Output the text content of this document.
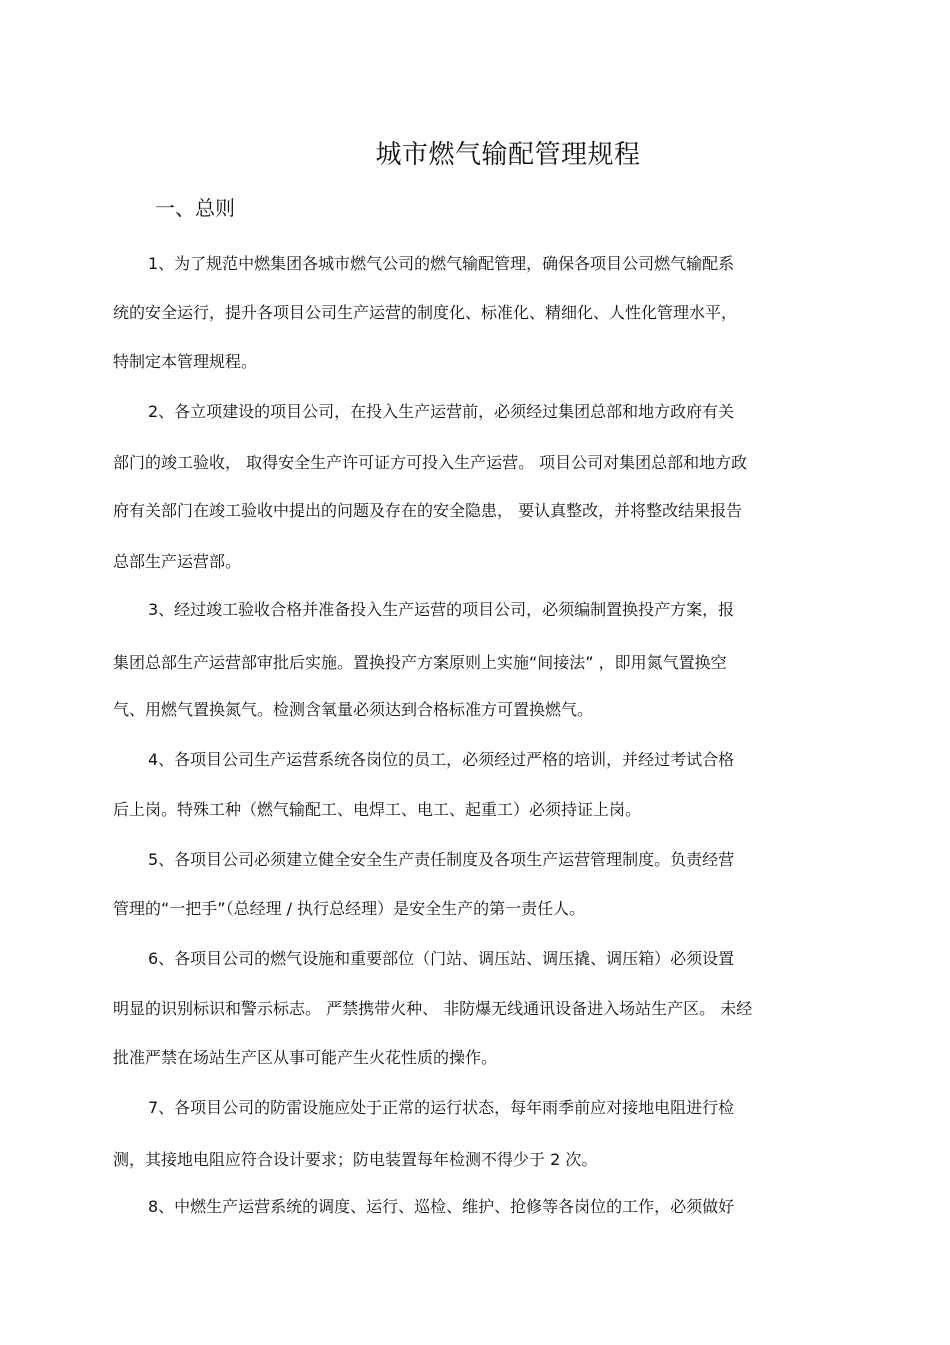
城市燃气输配管理规程
一、总则
1、为了规范中燃集团各城市燃气公司的燃气输配管理，确保各项目公司燃气输配系
统的安全运行，提升各项目公司生产运营的制度化、标准化、精细化、人性化管理水平，
特制定本管理规程。
2、各立项建设的项目公司，在投入生产运营前，必须经过集团总部和地方政府有关
部门的竣工验收， 取得安全生产许可证方可投入生产运营。 项目公司对集团总部和地方政
府有关部门在竣工验收中提出的问题及存在的安全隐患， 要认真整改，并将整改结果报告
总部生产运营部。
3、经过竣工验收合格并准备投入生产运营的项目公司，必须编制置换投产方案，报
集团总部生产运营部审批后实施。置换投产方案原则上实施“间接法” ，即用氮气置换空
气、用燃气置换氮气。检测含氧量必须达到合格标准方可置换燃气。
4、各项目公司生产运营系统各岗位的员工，必须经过严格的培训，并经过考试合格
后上岗。特殊工种（燃气输配工、电焊工、电工、起重工）必须持证上岗。
5、各项目公司必须建立健全安全生产责任制度及各项生产运营管理制度。负责经营
管理的“一把手”（总经理 / 执行总经理）是安全生产的第一责任人。
6、各项目公司的燃气设施和重要部位（门站、调压站、调压撬、调压箱）必须设置
明显的识别标识和警示标志。 严禁携带火种、 非防爆无线通讯设备进入场站生产区。 未经
批准严禁在场站生产区从事可能产生火花性质的操作。
7、各项目公司的防雷设施应处于正常的运行状态，每年雨季前应对接地电阻进行检
测，其接地电阻应符合设计要求；防电装置每年检测不得少于 2 次。
8、中燃生产运营系统的调度、运行、巡检、维护、抢修等各岗位的工作，必须做好
